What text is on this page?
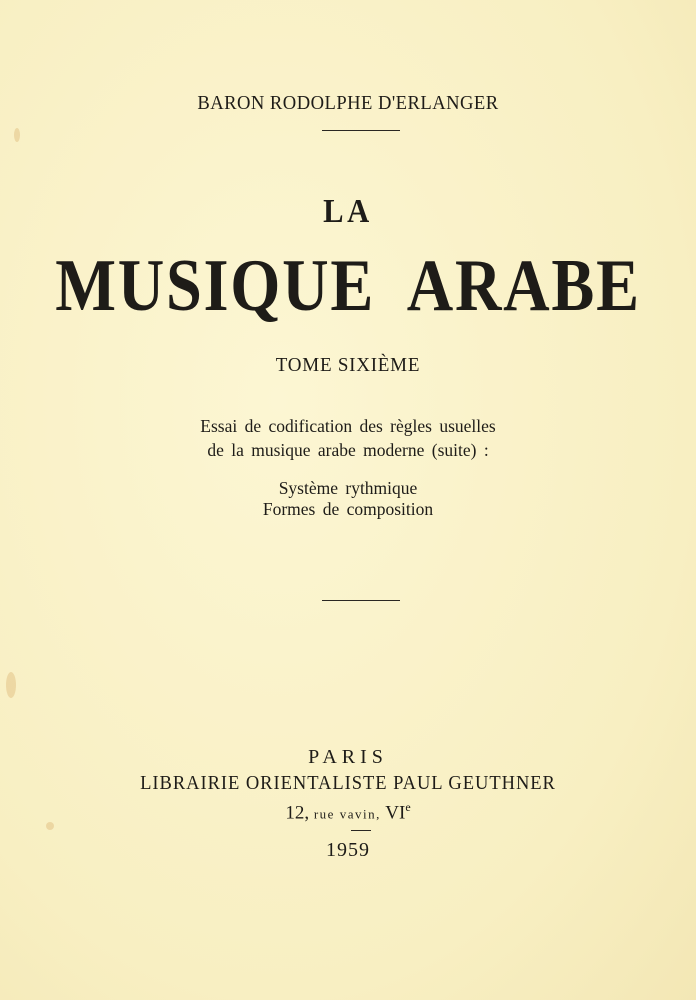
BARON RODOLPHE D'ERLANGER
LA
MUSIQUE ARABE
TOME SIXIÈME
Essai de codification des règles usuelles
de la musique arabe moderne (suite) :
Système rythmique
Formes de composition
PARIS
LIBRAIRIE ORIENTALISTE PAUL GEUTHNER
12, rue vavin, VIe
1959
